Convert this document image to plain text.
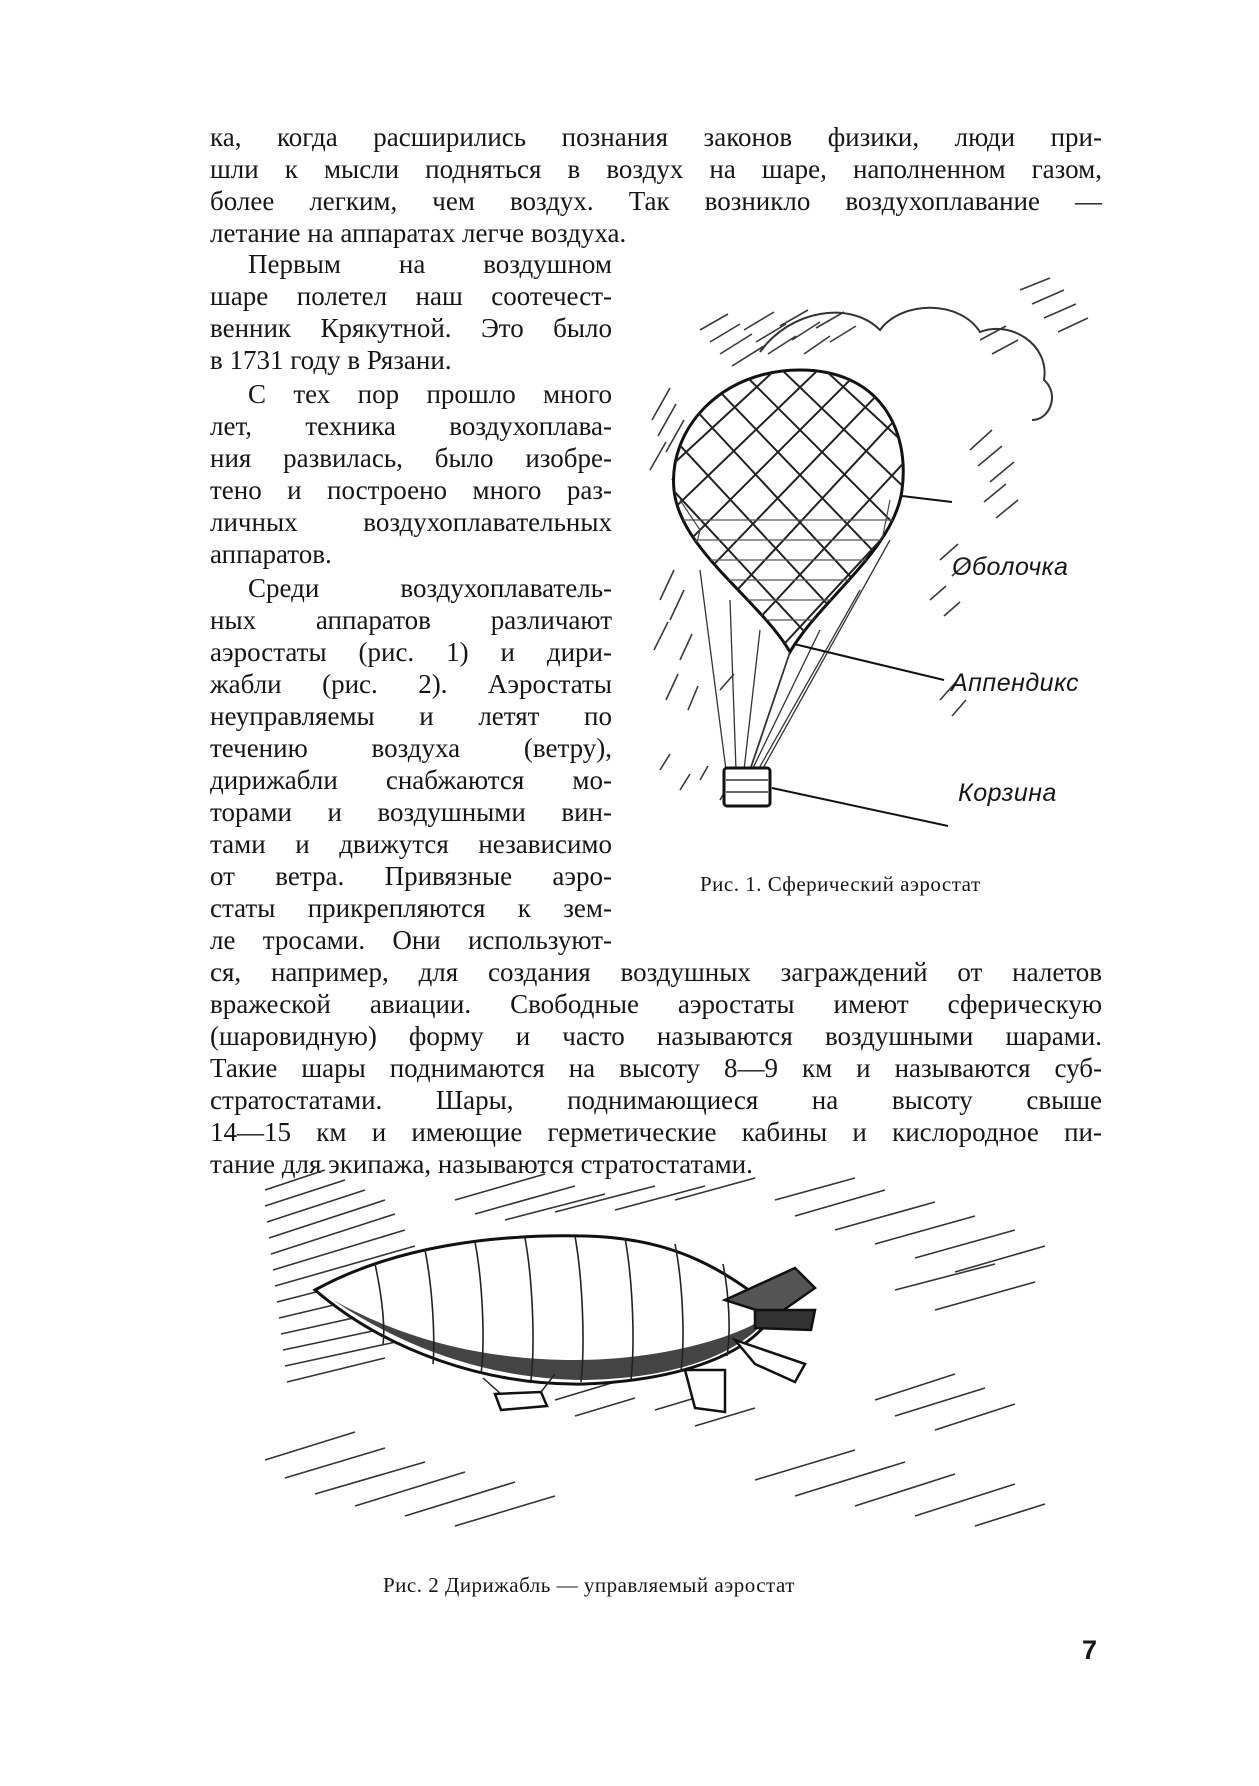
ка, когда расширились познания законов физики, люди при-
шли к мысли подняться в воздух на шаре, наполненном газом,
более легким, чем воздух. Так возникло воздухоплавание —
летание на аппаратах легче воздуха.
Первым на воздушном
шаре полетел наш соотечест-
венник Крякутной. Это было
в 1731 году в Рязани.
С тех пор прошло много
лет, техника воздухоплава-
ния развилась, было изобре-
тено и построено много раз-
личных воздухоплавательных
аппаратов.
Среди воздухоплаватель-
ных аппаратов различают
аэростаты (рис. 1) и дири-
жабли (рис. 2). Аэростаты
неуправляемы и летят по
течению воздуха (ветру),
дирижабли снабжаются мо-
торами и воздушными вин-
тами и движутся независимо
от ветра. Привязные аэро-
статы прикрепляются к зем-
ле тросами. Они используют-
ся, например, для создания воздушных заграждений от налетов
вражеской авиации. Свободные аэростаты имеют сферическую
(шаровидную) форму и часто называются воздушными шарами.
Такие шары поднимаются на высоту 8—9 км и называются суб-
стратостатами. Шары, поднимающиеся на высоту свыше
14—15 км и имеющие герметические кабины и кислородное пи-
тание для экипажа, называются стратостатами.
Оболочка
Аппендикс
Корзина
Рис. 1. Сферический аэростат
Рис. 2 Дирижабль — управляемый аэростат
7
